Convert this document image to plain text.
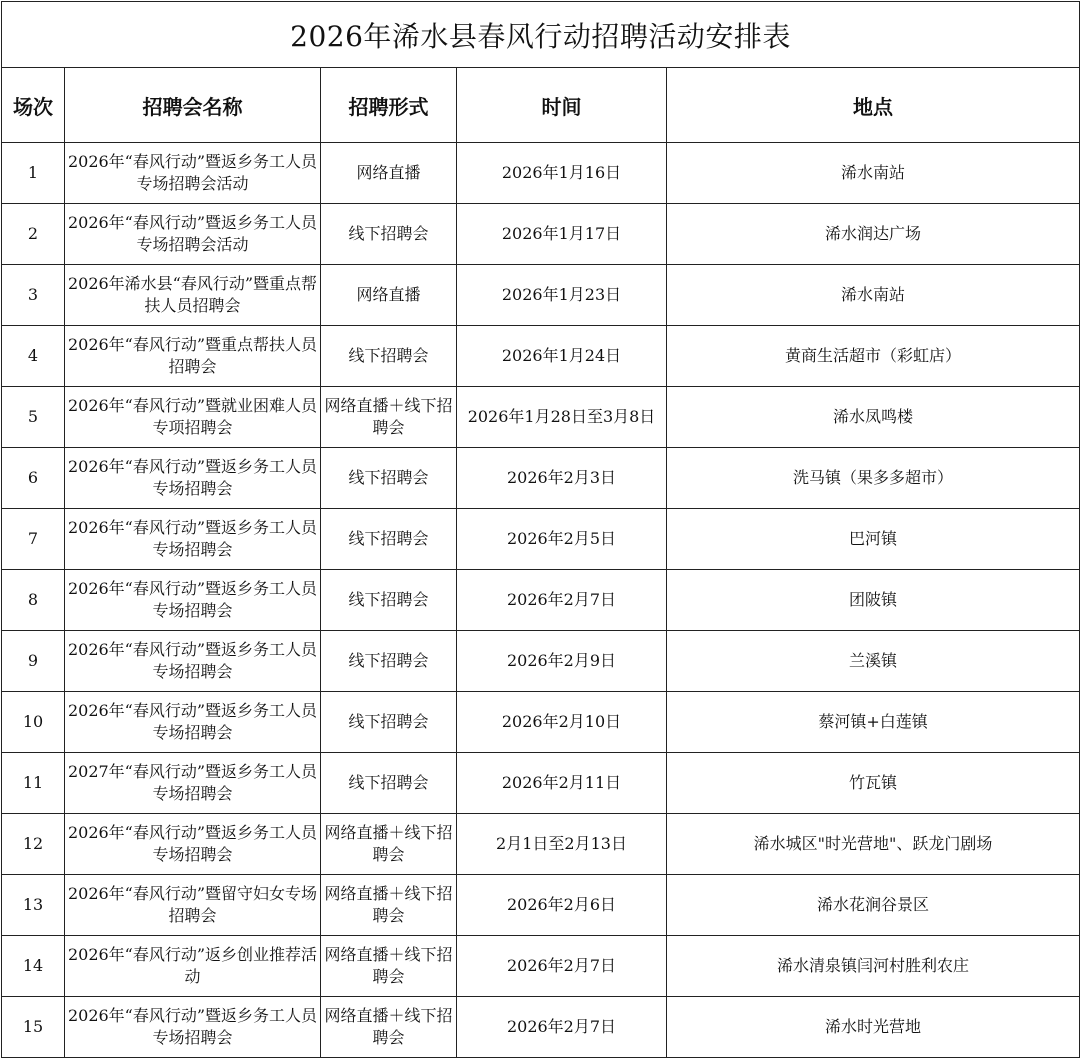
2026年浠水县春风行动招聘活动安排表				
场次	招聘会名称	招聘形式	时间	地点
1	2026年“春风行动”暨返乡务工人员专场招聘会活动	网络直播	2026年1月16日	浠水南站
2	2026年“春风行动”暨返乡务工人员专场招聘会活动	线下招聘会	2026年1月17日	浠水润达广场
3	2026年浠水县“春风行动”暨重点帮扶人员招聘会	网络直播	2026年1月23日	浠水南站
4	2026年“春风行动”暨重点帮扶人员招聘会	线下招聘会	2026年1月24日	黄商生活超市（彩虹店）
5	2026年“春风行动”暨就业困难人员专项招聘会	网络直播＋线下招聘会	2026年1月28日至3月8日	浠水凤鸣楼
6	2026年“春风行动”暨返乡务工人员专场招聘会	线下招聘会	2026年2月3日	洗马镇（果多多超市）
7	2026年“春风行动”暨返乡务工人员专场招聘会	线下招聘会	2026年2月5日	巴河镇
8	2026年“春风行动”暨返乡务工人员专场招聘会	线下招聘会	2026年2月7日	团陂镇
9	2026年“春风行动”暨返乡务工人员专场招聘会	线下招聘会	2026年2月9日	兰溪镇
10	2026年“春风行动”暨返乡务工人员专场招聘会	线下招聘会	2026年2月10日	蔡河镇+白莲镇
11	2027年“春风行动”暨返乡务工人员专场招聘会	线下招聘会	2026年2月11日	竹瓦镇
12	2026年“春风行动”暨返乡务工人员专场招聘会	网络直播＋线下招聘会	2月1日至2月13日	浠水城区"时光营地"、跃龙门剧场
13	2026年“春风行动”暨留守妇女专场招聘会	网络直播＋线下招聘会	2026年2月6日	浠水花涧谷景区
14	2026年“春风行动”返乡创业推荐活动	网络直播＋线下招聘会	2026年2月7日	浠水清泉镇闫河村胜利农庄
15	2026年“春风行动”暨返乡务工人员专场招聘会	网络直播＋线下招聘会	2026年2月7日	浠水时光营地
